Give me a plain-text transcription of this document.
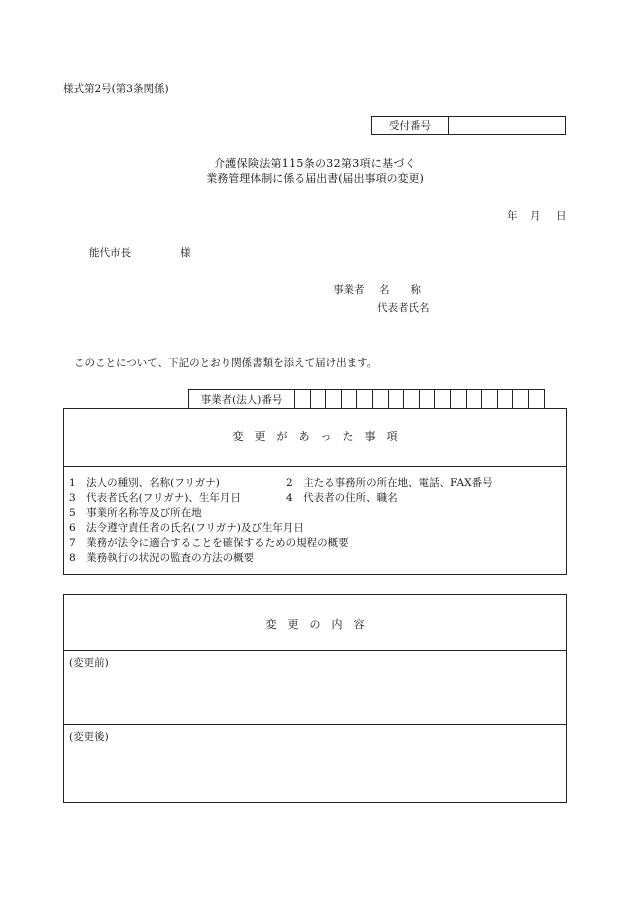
様式第2号(第3条関係)
受付番号	
介護保険法第115条の32第3項に基づく
業務管理体制に係る届出書(届出事項の変更)
年 月 日
能代市長	様
事業者 名　　称
代表者氏名
このことについて、下記のとおり関係書類を添えて届け出ます。
事業者(法人)番号																
変　更　が　あ　っ　た　事　項
1　法人の種別、名称(フリガナ)	2　主たる事務所の所在地、電話、FAX番号
3　代表者氏名(フリガナ)、生年月日	4　代表者の住所、職名
5　事業所名称等及び所在地
6　法令遵守責任者の氏名(フリガナ)及び生年月日
7　業務が法令に適合することを確保するための規程の概要
8　業務執行の状況の監査の方法の概要
変　更　の　内　容
(変更前)
(変更後)
